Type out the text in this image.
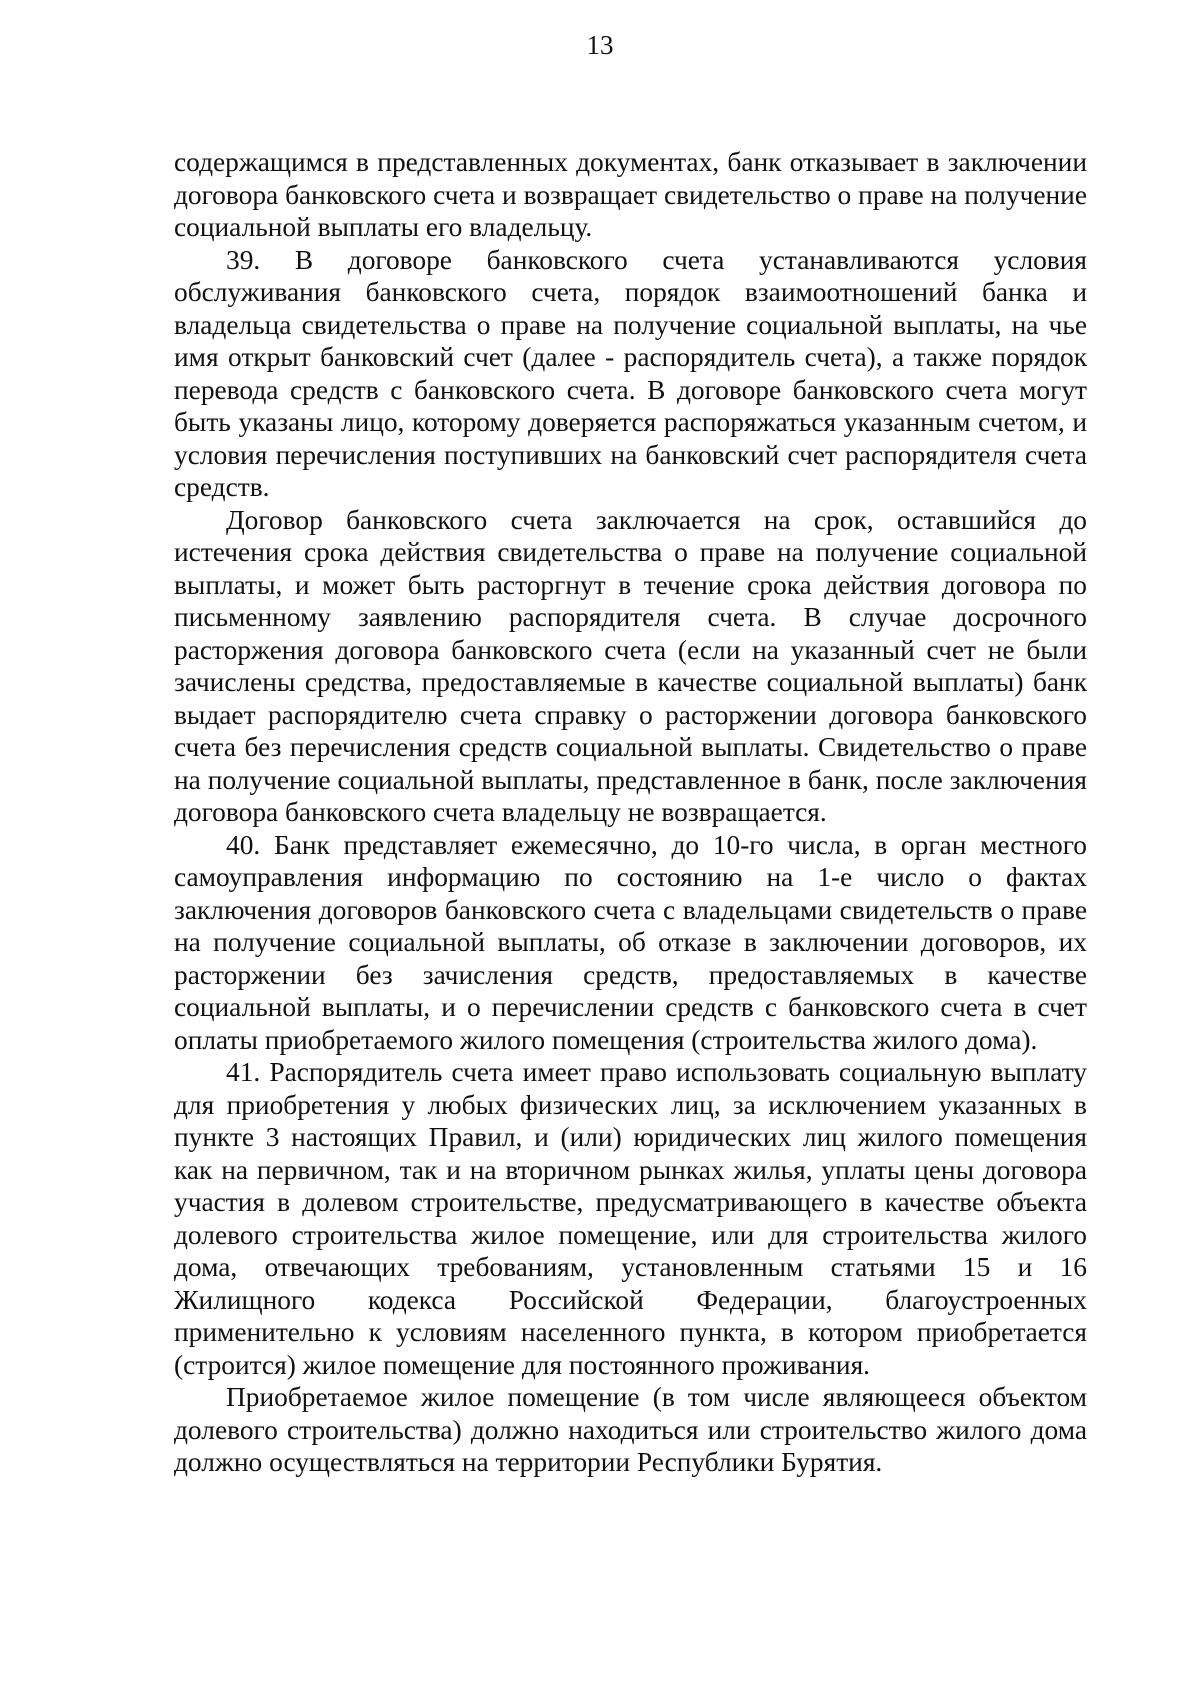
13

содержащимся в представленных документах, банк отказывает в заключении договора банковского счета и возвращает свидетельство о праве на получение социальной выплаты его владельцу.

39. В договоре банковского счета устанавливаются условия обслуживания банковского счета, порядок взаимоотношений банка и владельца свидетельства о праве на получение социальной выплаты, на чье имя открыт банковский счет (далее - распорядитель счета), а также порядок перевода средств с банковского счета. В договоре банковского счета могут быть указаны лицо, которому доверяется распоряжаться указанным счетом, и условия перечисления поступивших на банковский счет распорядителя счета средств.

Договор банковского счета заключается на срок, оставшийся до истечения срока действия свидетельства о праве на получение социальной выплаты, и может быть расторгнут в течение срока действия договора по письменному заявлению распорядителя счета. В случае досрочного расторжения договора банковского счета (если на указанный счет не были зачислены средства, предоставляемые в качестве социальной выплаты) банк выдает распорядителю счета справку о расторжении договора банковского счета без перечисления средств социальной выплаты. Свидетельство о праве на получение социальной выплаты, представленное в банк, после заключения договора банковского счета владельцу не возвращается.

40. Банк представляет ежемесячно, до 10-го числа, в орган местного самоуправления информацию по состоянию на 1-е число о фактах заключения договоров банковского счета с владельцами свидетельств о праве на получение социальной выплаты, об отказе в заключении договоров, их расторжении без зачисления средств, предоставляемых в качестве социальной выплаты, и о перечислении средств с банковского счета в счет оплаты приобретаемого жилого помещения (строительства жилого дома).

41. Распорядитель счета имеет право использовать социальную выплату для приобретения у любых физических лиц, за исключением указанных в пункте 3 настоящих Правил, и (или) юридических лиц жилого помещения как на первичном, так и на вторичном рынках жилья, уплаты цены договора участия в долевом строительстве, предусматривающего в качестве объекта долевого строительства жилое помещение, или для строительства жилого дома, отвечающих требованиям, установленным статьями 15 и 16 Жилищного кодекса Российской Федерации, благоустроенных применительно к условиям населенного пункта, в котором приобретается (строится) жилое помещение для постоянного проживания.

Приобретаемое жилое помещение (в том числе являющееся объектом долевого строительства) должно находиться или строительство жилого дома должно осуществляться на территории Республики Бурятия.
